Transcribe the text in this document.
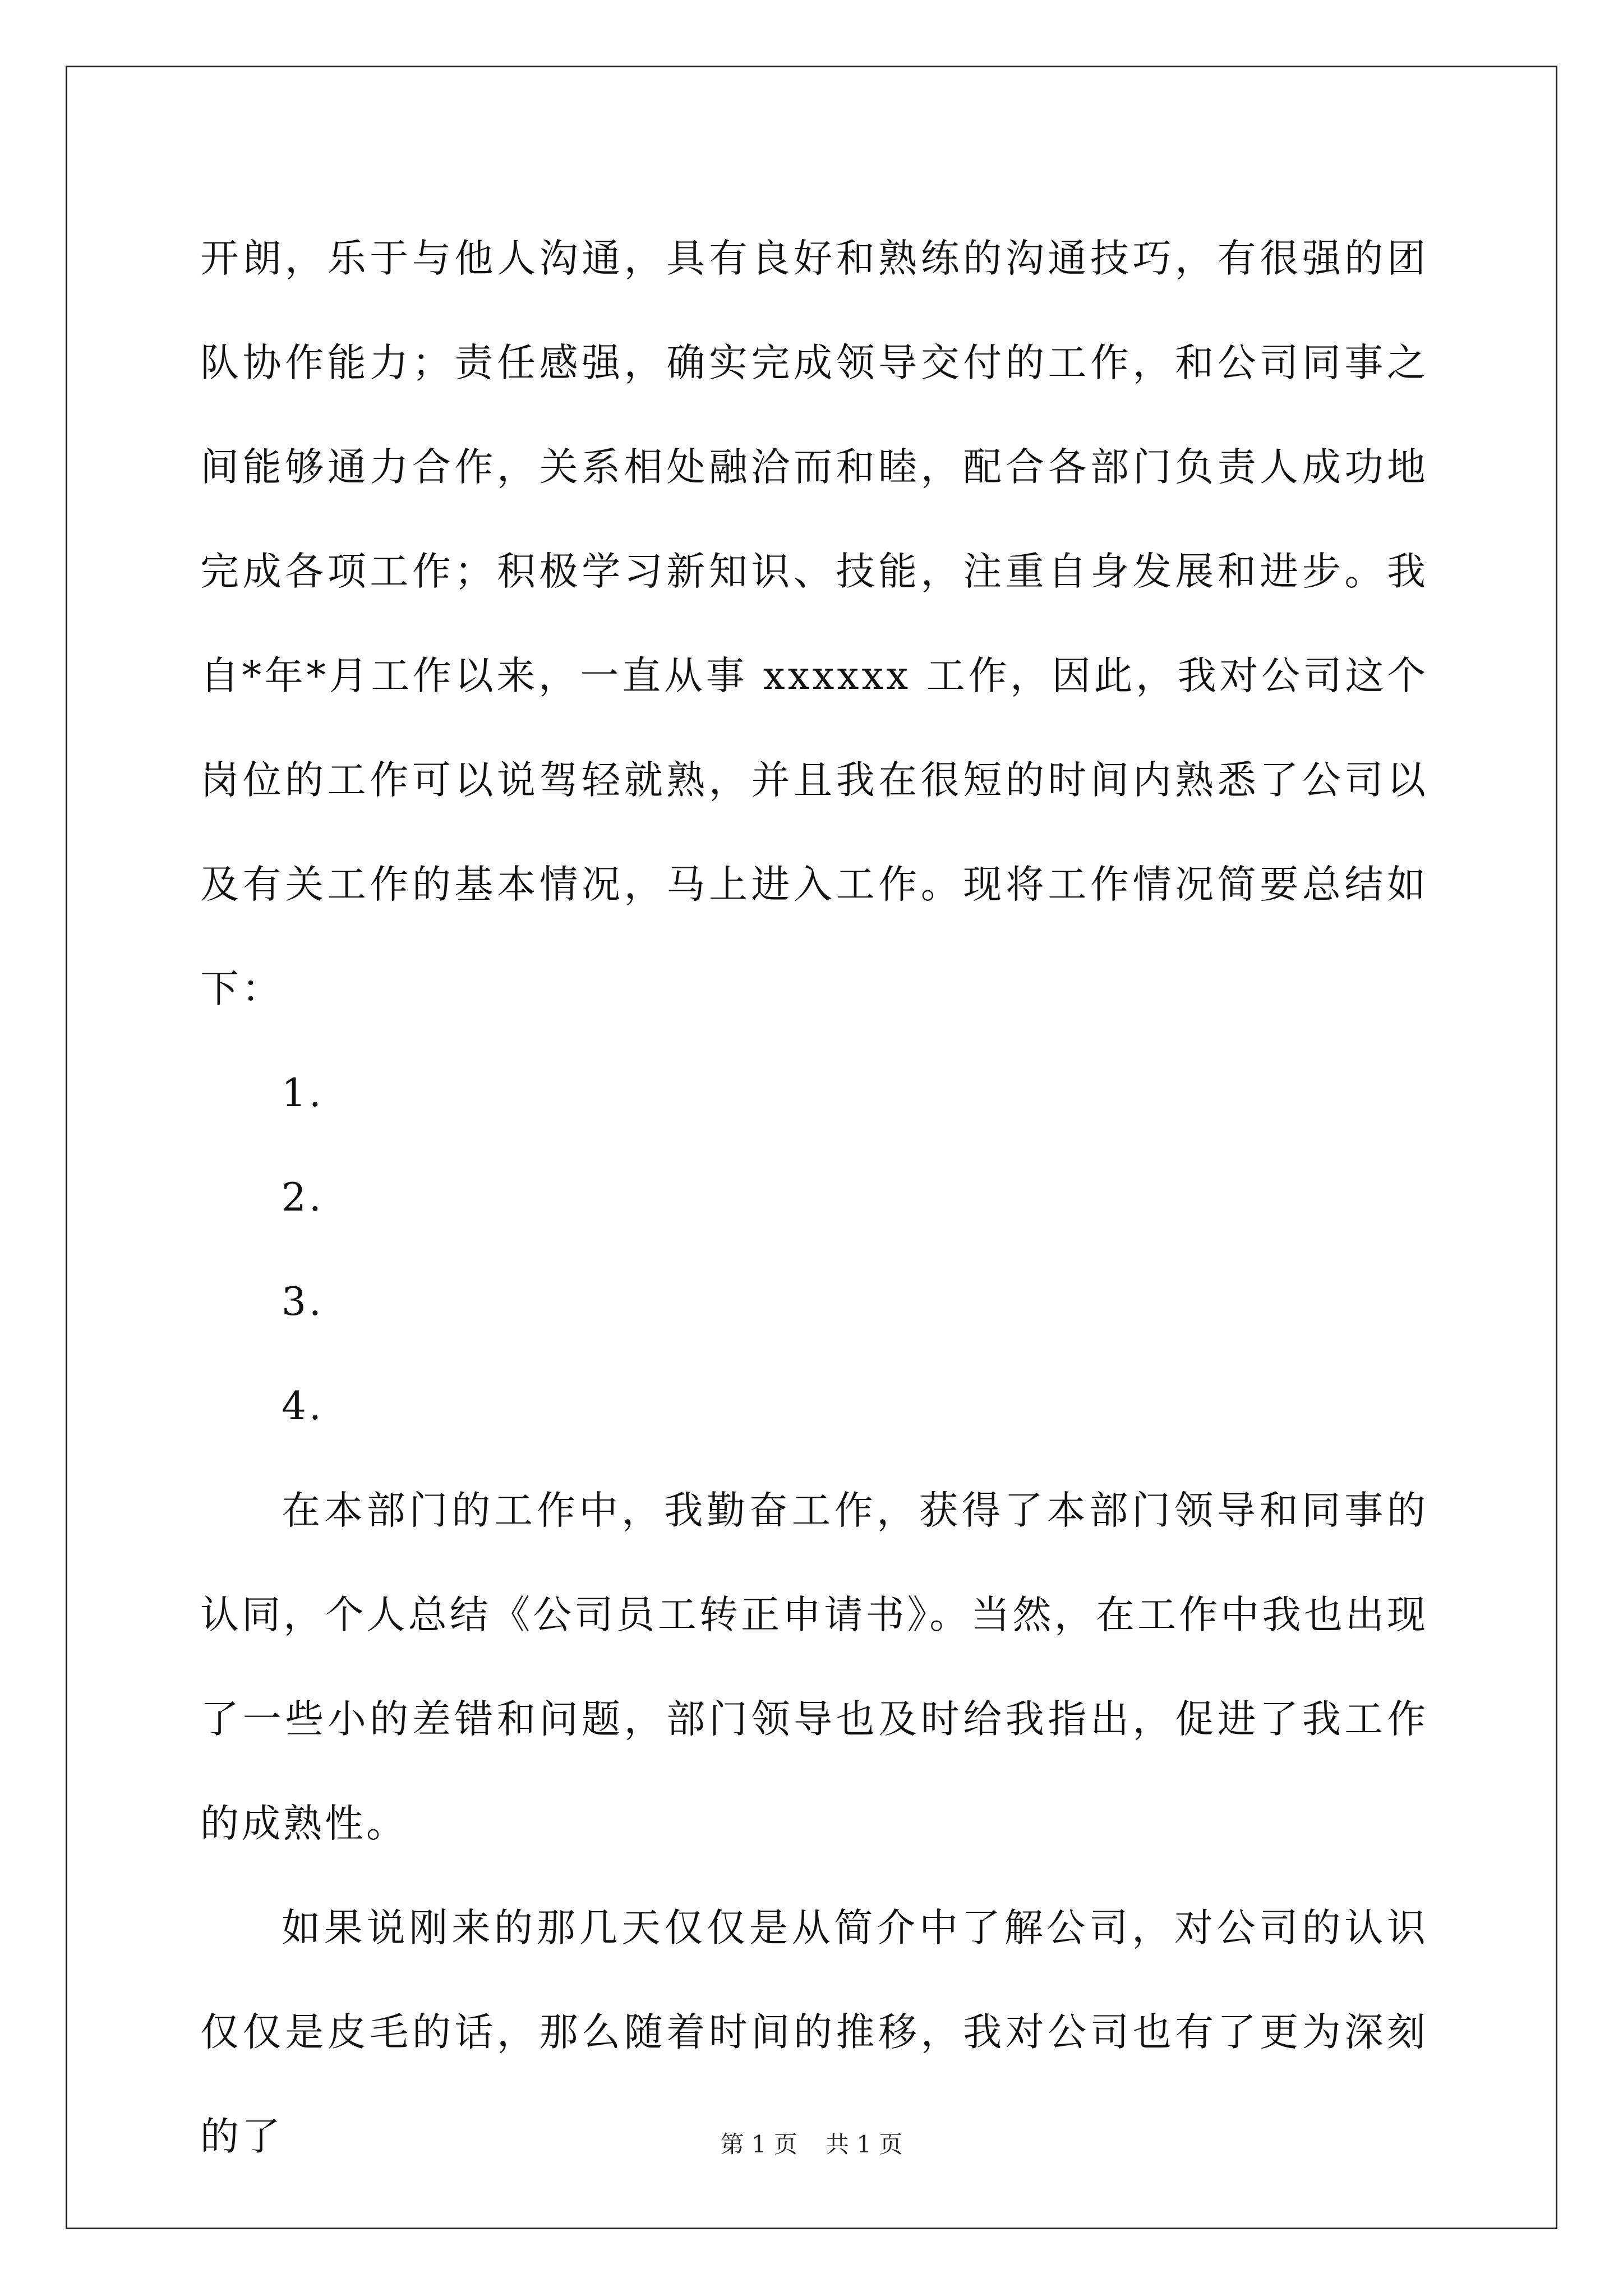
开朗，乐于与他人沟通，具有良好和熟练的沟通技巧，有很强的团队协作能力；责任感强，确实完成领导交付的工作，和公司同事之间能够通力合作，关系相处融洽而和睦，配合各部门负责人成功地完成各项工作；积极学习新知识、技能，注重自身发展和进步。我自*年*月工作以来，一直从事 xxxxxx 工作，因此，我对公司这个岗位的工作可以说驾轻就熟，并且我在很短的时间内熟悉了公司以及有关工作的基本情况，马上进入工作。现将工作情况简要总结如下：

1.

2.

3.

4.

在本部门的工作中，我勤奋工作，获得了本部门领导和同事的认同，个人总结《公司员工转正申请书》。当然，在工作中我也出现了一些小的差错和问题，部门领导也及时给我指出，促进了我工作的成熟性。

如果说刚来的那几天仅仅是从简介中了解公司，对公司的认识仅仅是皮毛的话，那么随着时间的推移，我对公司也有了更为深刻的了	第 1 页 共 1 页
